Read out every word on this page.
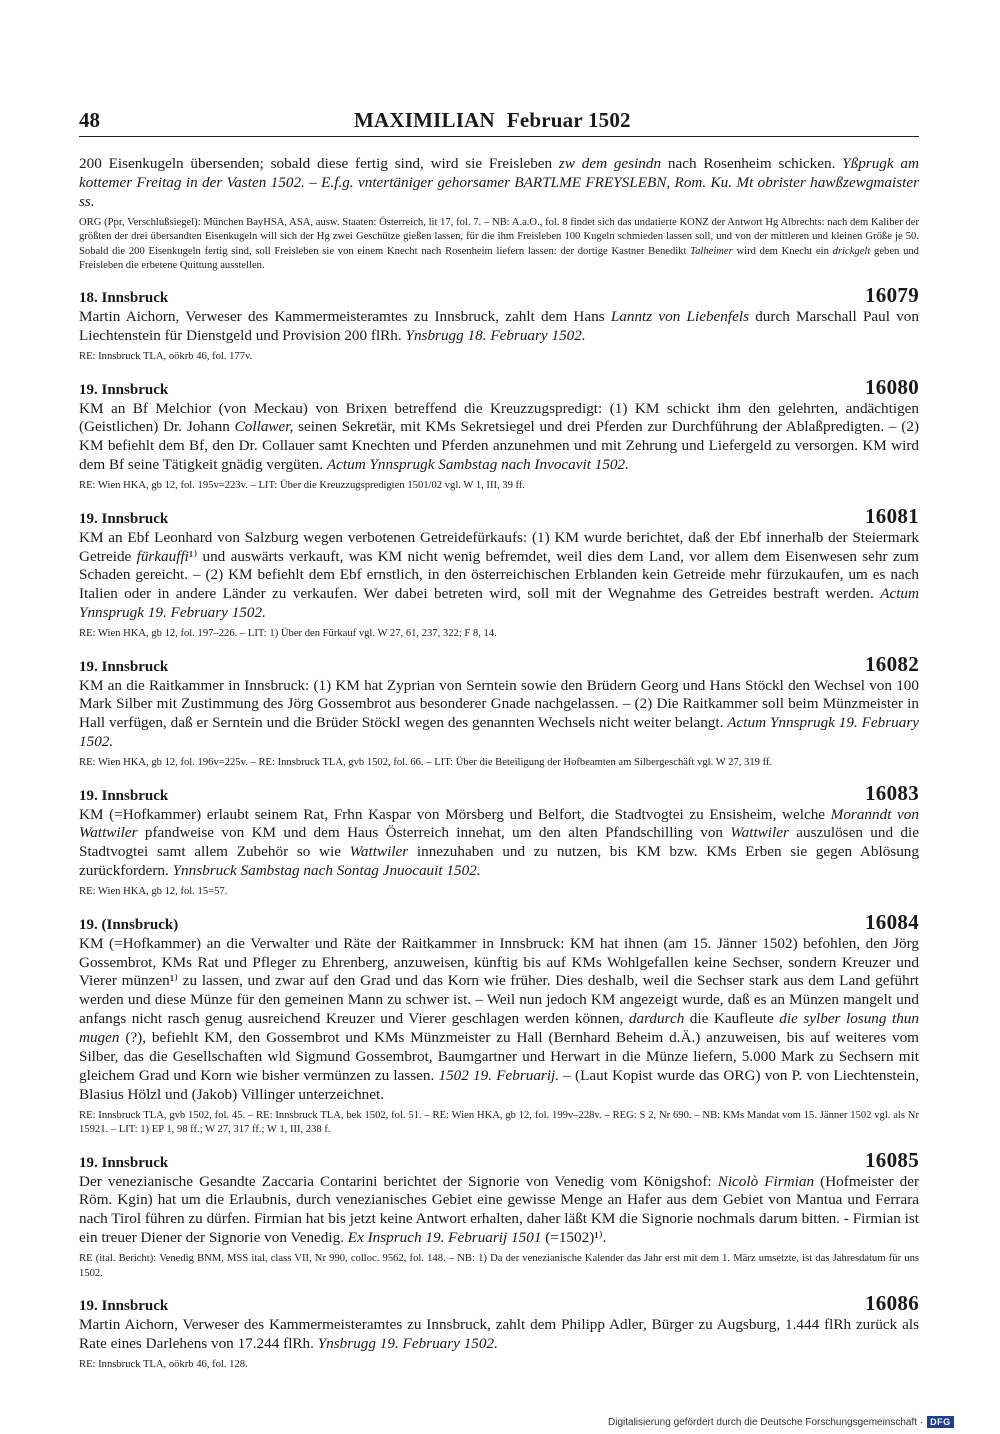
48	MAXIMILIAN Februar 1502

200 Eisenkugeln übersenden; sobald diese fertig sind, wird sie Freisleben zw dem gesindn nach Rosenheim schicken. Yßprugk am kottemer Freitag in der Vasten 1502. – E.f.g. vntertäniger gehorsamer BARTLME FREYSLEBN, Rom. Ku. Mt obrister hawßzewgmaister ss.

ORG (Ppr, Verschlußsiegel): München BayHSA, ASA, ausw. Staaten: Österreich, lit 17, fol. 7. – NB: A.a.O., fol. 8 findet sich das undatierte KONZ der Antwort Hg Albrechts: nach dem Kaliber der größten der drei übersandten Eisenkugeln will sich der Hg zwei Geschütze gießen lassen, für die ihm Freisleben 100 Kugeln schmieden lassen soll, und von der mittleren und kleinen Größe je 50. Sobald die 200 Eisenkugeln fertig sind, soll Freisleben sie von einem Knecht nach Rosenheim liefern lassen: der dortige Kastner Benedikt Talheimer wird dem Knecht ein drickgelt geben und Freisleben die erbetene Quittung ausstellen.

18. Innsbruck	16079

Martin Aichorn, Verweser des Kammermeisteramtes zu Innsbruck, zahlt dem Hans Lanntz von Liebenfels durch Marschall Paul von Liechtenstein für Dienstgeld und Provision 200 flRh. Ynsbrugg 18. February 1502.

RE: Innsbruck TLA, oökrb 46, fol. 177v.

19. Innsbruck	16080

KM an Bf Melchior (von Meckau) von Brixen betreffend die Kreuzzugspredigt: (1) KM schickt ihm den gelehrten, andächtigen (Geistlichen) Dr. Johann Collawer, seinen Sekretär, mit KMs Sekretsiegel und drei Pferden zur Durchführung der Ablaßpredigten. – (2) KM befiehlt dem Bf, den Dr. Collauer samt Knechten und Pferden anzunehmen und mit Zehrung und Liefergeld zu versorgen. KM wird dem Bf seine Tätigkeit gnädig vergüten. Actum Ynnsprugk Sambstag nach Invocavit 1502.

RE: Wien HKA, gb 12, fol. 195v=223v. – LIT: Über die Kreuzzugspredigten 1501/02 vgl. W 1, III, 39 ff.

19. Innsbruck	16081

KM an Ebf Leonhard von Salzburg wegen verbotenen Getreidefürkaufs: (1) KM wurde berichtet, daß der Ebf innerhalb der Steiermark Getreide fürkauffi¹⁾ und auswärts verkauft, was KM nicht wenig befremdet, weil dies dem Land, vor allem dem Eisenwesen sehr zum Schaden gereicht. – (2) KM befiehlt dem Ebf ernstlich, in den österreichischen Erblanden kein Getreide mehr fürzukaufen, um es nach Italien oder in andere Länder zu verkaufen. Wer dabei betreten wird, soll mit der Wegnahme des Getreides bestraft werden. Actum Ynnsprugk 19. February 1502.

RE: Wien HKA, gb 12, fol. 197–226. – LIT: 1) Über den Fürkauf vgl. W 27, 61, 237, 322; F 8, 14.

19. Innsbruck	16082

KM an die Raitkammer in Innsbruck: (1) KM hat Zyprian von Serntein sowie den Brüdern Georg und Hans Stöckl den Wechsel von 100 Mark Silber mit Zustimmung des Jörg Gossembrot aus besonderer Gnade nachgelassen. – (2) Die Raitkammer soll beim Münzmeister in Hall verfügen, daß er Serntein und die Brüder Stöckl wegen des genannten Wechsels nicht weiter belangt. Actum Ynnsprugk 19. February 1502.

RE: Wien HKA, gb 12, fol. 196v=225v. – RE: Innsbruck TLA, gvb 1502, fol. 66. – LIT: Über die Beteiligung der Hofbeamten am Silbergeschäft vgl. W 27, 319 ff.

19. Innsbruck	16083

KM (=Hofkammer) erlaubt seinem Rat, Frhn Kaspar von Mörsberg und Belfort, die Stadtvogtei zu Ensisheim, welche Moranndt von Wattwiler pfandweise von KM und dem Haus Österreich innehat, um den alten Pfandschilling von Wattwiler auszulösen und die Stadtvogtei samt allem Zubehör so wie Wattwiler innezuhaben und zu nutzen, bis KM bzw. KMs Erben sie gegen Ablösung zurückfordern. Ynnsbruck Sambstag nach Sontag Jnuocauit 1502.

RE: Wien HKA, gb 12, fol. 15=57.

19. (Innsbruck)	16084

KM (=Hofkammer) an die Verwalter und Räte der Raitkammer in Innsbruck: KM hat ihnen (am 15. Jänner 1502) befohlen, den Jörg Gossembrot, KMs Rat und Pfleger zu Ehrenberg, anzuweisen, künftig bis auf KMs Wohlgefallen keine Sechser, sondern Kreuzer und Vierer münzen¹⁾ zu lassen, und zwar auf den Grad und das Korn wie früher. Dies deshalb, weil die Sechser stark aus dem Land geführt werden und diese Münze für den gemeinen Mann zu schwer ist. – Weil nun jedoch KM angezeigt wurde, daß es an Münzen mangelt und anfangs nicht rasch genug ausreichend Kreuzer und Vierer geschlagen werden können, dardurch die Kaufleute die sylber losung thun mugen (?), befiehlt KM, den Gossembrot und KMs Münzmeister zu Hall (Bernhard Beheim d.Ä.) anzuweisen, bis auf weiteres vom Silber, das die Gesellschaften wld Sigmund Gossembrot, Baumgartner und Herwart in die Münze liefern, 5.000 Mark zu Sechsern mit gleichem Grad und Korn wie bisher vermünzen zu lassen. 1502 19. Februarij. – (Laut Kopist wurde das ORG) von P. von Liechtenstein, Blasius Hölzl und (Jakob) Villinger unterzeichnet.

RE: Innsbruck TLA, gvb 1502, fol. 45. – RE: Innsbruck TLA, bek 1502, fol. 51. – RE: Wien HKA, gb 12, fol. 199v–228v. – REG: S 2, Nr 690. – NB: KMs Mandat vom 15. Jänner 1502 vgl. als Nr 15921. – LIT: 1) EP 1, 98 ff.; W 27, 317 ff.; W 1, III, 238 f.

19. Innsbruck	16085

Der venezianische Gesandte Zaccaria Contarini berichtet der Signorie von Venedig vom Königshof: Nicolò Firmian (Hofmeister der Röm. Kgin) hat um die Erlaubnis, durch venezianisches Gebiet eine gewisse Menge an Hafer aus dem Gebiet von Mantua und Ferrara nach Tirol führen zu dürfen. Firmian hat bis jetzt keine Antwort erhalten, daher läßt KM die Signorie nochmals darum bitten. - Firmian ist ein treuer Diener der Signorie von Venedig. Ex Inspruch 19. Februarij 1501 (=1502)¹⁾.

RE (ital. Bericht): Venedig BNM, MSS ital, class VII, Nr 990, colloc. 9562, fol. 148. – NB: 1) Da der venezianische Kalender das Jahr erst mit dem 1. März umsetzte, ist das Jahresdatum für uns 1502.

19. Innsbruck	16086

Martin Aichorn, Verweser des Kammermeisteramtes zu Innsbruck, zahlt dem Philipp Adler, Bürger zu Augsburg, 1.444 flRh zurück als Rate eines Darlehens von 17.244 flRh. Ynsbrugg 19. February 1502.

RE: Innsbruck TLA, oökrb 46, fol. 128.

Digitalisierung gefördert durch die Deutsche Forschungsgemeinschaft · DFG
